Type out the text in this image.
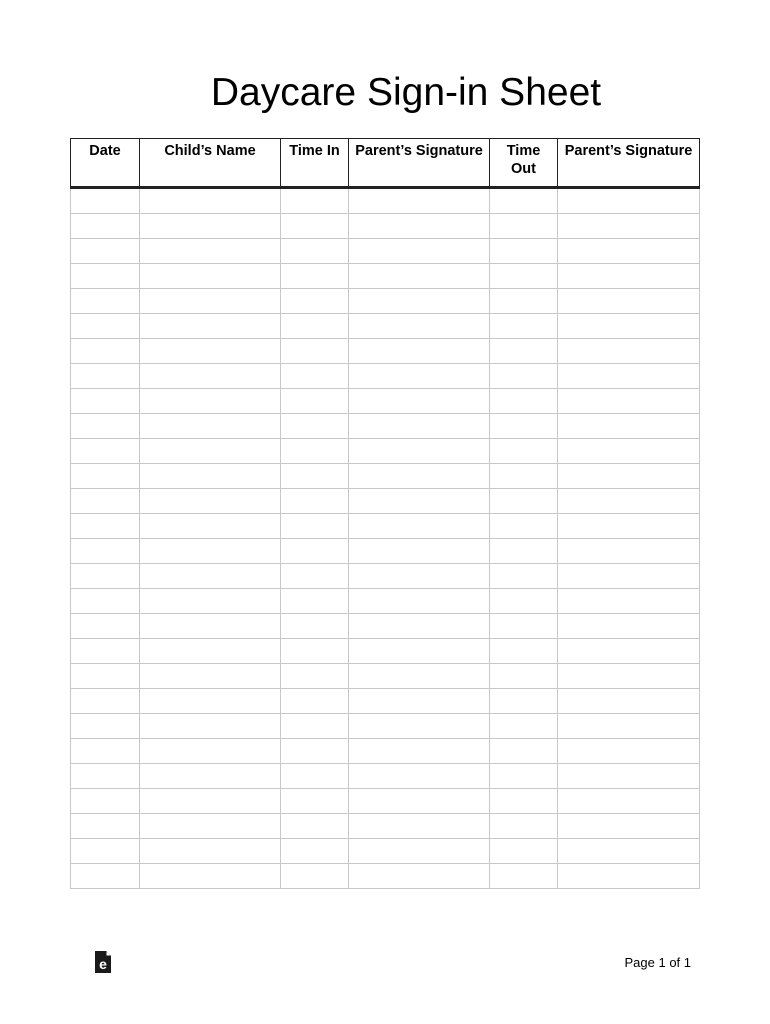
Daycare Sign-in Sheet
Date	Child’s Name	Time In	Parent’s Signature	Time Out	Parent’s Signature

e	Page 1 of 1
